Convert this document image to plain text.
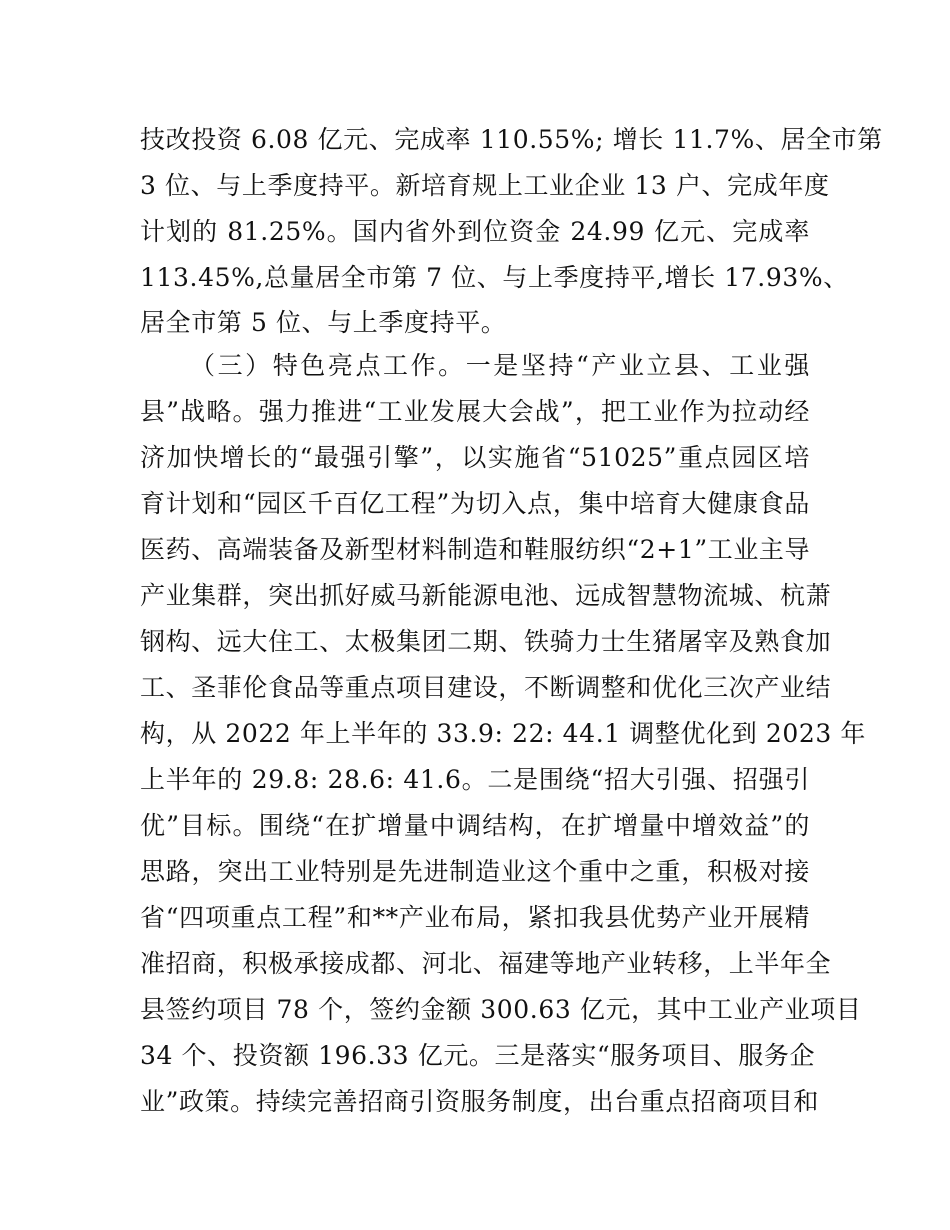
技改投资 6.08 亿元、完成率 110.55%; 增长 11.7%、居全市第
3 位、与上季度持平。新培育规上工业企业 13 户、完成年度
计划的 81.25%。国内省外到位资金 24.99 亿元、完成率
113.45%,总量居全市第 7 位、与上季度持平,增长 17.93%、
居全市第 5 位、与上季度持平。
（三）特色亮点工作。一是坚持“产业立县、工业强
县”战略。强力推进“工业发展大会战”，把工业作为拉动经
济加快增长的“最强引擎”，以实施省“51025”重点园区培
育计划和“园区千百亿工程”为切入点，集中培育大健康食品
医药、高端装备及新型材料制造和鞋服纺织“2+1”工业主导
产业集群，突出抓好威马新能源电池、远成智慧物流城、杭萧
钢构、远大住工、太极集团二期、铁骑力士生猪屠宰及熟食加
工、圣菲伦食品等重点项目建设，不断调整和优化三次产业结
构，从 2022 年上半年的 33.9: 22: 44.1 调整优化到 2023 年
上半年的 29.8: 28.6: 41.6。二是围绕“招大引强、招强引
优”目标。围绕“在扩增量中调结构，在扩增量中增效益”的
思路，突出工业特别是先进制造业这个重中之重，积极对接
省“四项重点工程”和**产业布局，紧扣我县优势产业开展精
准招商，积极承接成都、河北、福建等地产业转移，上半年全
县签约项目 78 个，签约金额 300.63 亿元，其中工业产业项目
34 个、投资额 196.33 亿元。三是落实“服务项目、服务企
业”政策。持续完善招商引资服务制度，出台重点招商项目和
